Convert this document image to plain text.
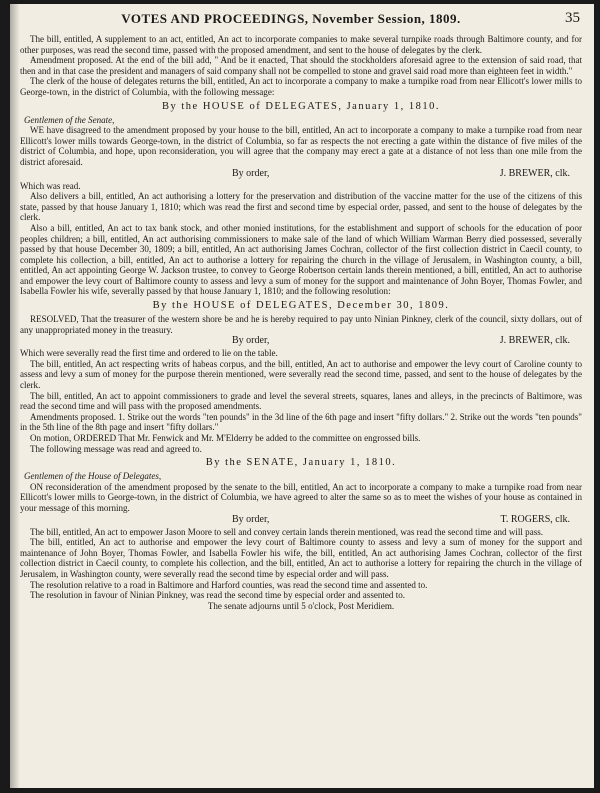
VOTES AND PROCEEDINGS, November Session, 1809.	35

The bill, entitled, A supplement to an act, entitled, An act to incorporate companies to make several turnpike roads through Baltimore county, and for other purposes, was read the second time, passed with the proposed amendment, and sent to the house of delegates by the clerk.

Amendment proposed. At the end of the bill add, " And be it enacted, That should the stockholders aforesaid agree to the extension of said road, that then and in that case the president and managers of said company shall not be compelled to stone and gravel said road more than eighteen feet in width."

The clerk of the house of delegates returns the bill, entitled, An act to incorporate a company to make a turnpike road from near Ellicott's lower mills to George-town, in the district of Columbia, with the following message:

By the HOUSE of DELEGATES, January 1, 1810.

Gentlemen of the Senate,

WE have disagreed to the amendment proposed by your house to the bill, entitled, An act to incorporate a company to make a turnpike road from near Ellicott's lower mills towards George-town, in the district of Columbia, so far as respects the not erecting a gate within the distance of five miles of the district of Columbia, and hope, upon reconsideration, you will agree that the company may erect a gate at a distance of not less than one mile from the district aforesaid.

By order,	J. BREWER, clk.

Which was read.

Also delivers a bill, entitled, An act authorising a lottery for the preservation and distribution of the vaccine matter for the use of the citizens of this state, passed by that house January 1, 1810; which was read the first and second time by especial order, passed, and sent to the house of delegates by the clerk.

Also a bill, entitled, An act to tax bank stock, and other monied institutions, for the establishment and support of schools for the education of poor peoples children; a bill, entitled, An act authorising commissioners to make sale of the land of which William Warman Berry died possessed, severally passed by that house December 30, 1809; a bill, entitled, An act authorising James Cochran, collector of the first collection district in Caecil county, to complete his collection, a bill, entitled, An act to authorise a lottery for repairing the church in the village of Jerusalem, in Washington county, a bill, entitled, An act appointing George W. Jackson trustee, to convey to George Robertson certain lands therein mentioned, a bill, entitled, An act to authorise and empower the levy court of Baltimore county to assess and levy a sum of money for the support and maintenance of John Boyer, Thomas Fowler, and Isabella Fowler his wife, severally passed by that house January 1, 1810; and the following resolution:

By the HOUSE of DELEGATES, December 30, 1809.

RESOLVED, That the treasurer of the western shore be and he is hereby required to pay unto Ninian Pinkney, clerk of the council, sixty dollars, out of any unappropriated money in the treasury.

By order,	J. BREWER, clk.

Which were severally read the first time and ordered to lie on the table.

The bill, entitled, An act respecting writs of habeas corpus, and the bill, entitled, An act to authorise and empower the levy court of Caroline county to assess and levy a sum of money for the purpose therein mentioned, were severally read the second time, passed, and sent to the house of delegates by the clerk.

The bill, entitled, An act to appoint commissioners to grade and level the several streets, squares, lanes and alleys, in the precincts of Baltimore, was read the second time and will pass with the proposed amendments.

Amendments proposed. 1. Strike out the words "ten pounds" in the 3d line of the 6th page and insert "fifty dollars." 2. Strike out the words "ten pounds" in the 5th line of the 8th page and insert "fifty dollars."

On motion, ORDERED That Mr. Fenwick and Mr. M'Elderry be added to the committee on engrossed bills.

The following message was read and agreed to.

By the SENATE, January 1, 1810.

Gentlemen of the House of Delegates,

ON reconsideration of the amendment proposed by the senate to the bill, entitled, An act to incorporate a company to make a turnpike road from near Ellicott's lower mills to George-town, in the district of Columbia, we have agreed to alter the same so as to meet the wishes of your house as contained in your message of this morning.

By order,	T. ROGERS, clk.

The bill, entitled, An act to empower Jason Moore to sell and convey certain lands therein mentioned, was read the second time and will pass.

The bill, entitled, An act to authorise and empower the levy court of Baltimore county to assess and levy a sum of money for the support and maintenance of John Boyer, Thomas Fowler, and Isabella Fowler his wife, the bill, entitled, An act authorising James Cochran, collector of the first collection district in Caecil county, to complete his collection, and the bill, entitled, An act to authorise a lottery for repairing the church in the village of Jerusalem, in Washington county, were severally read the second time by especial order and will pass.

The resolution relative to a road in Baltimore and Harford counties, was read the second time and assented to.

The resolution in favour of Ninian Pinkney, was read the second time by especial order and assented to.

The senate adjourns until 5 o'clock, Post Meridiem.
